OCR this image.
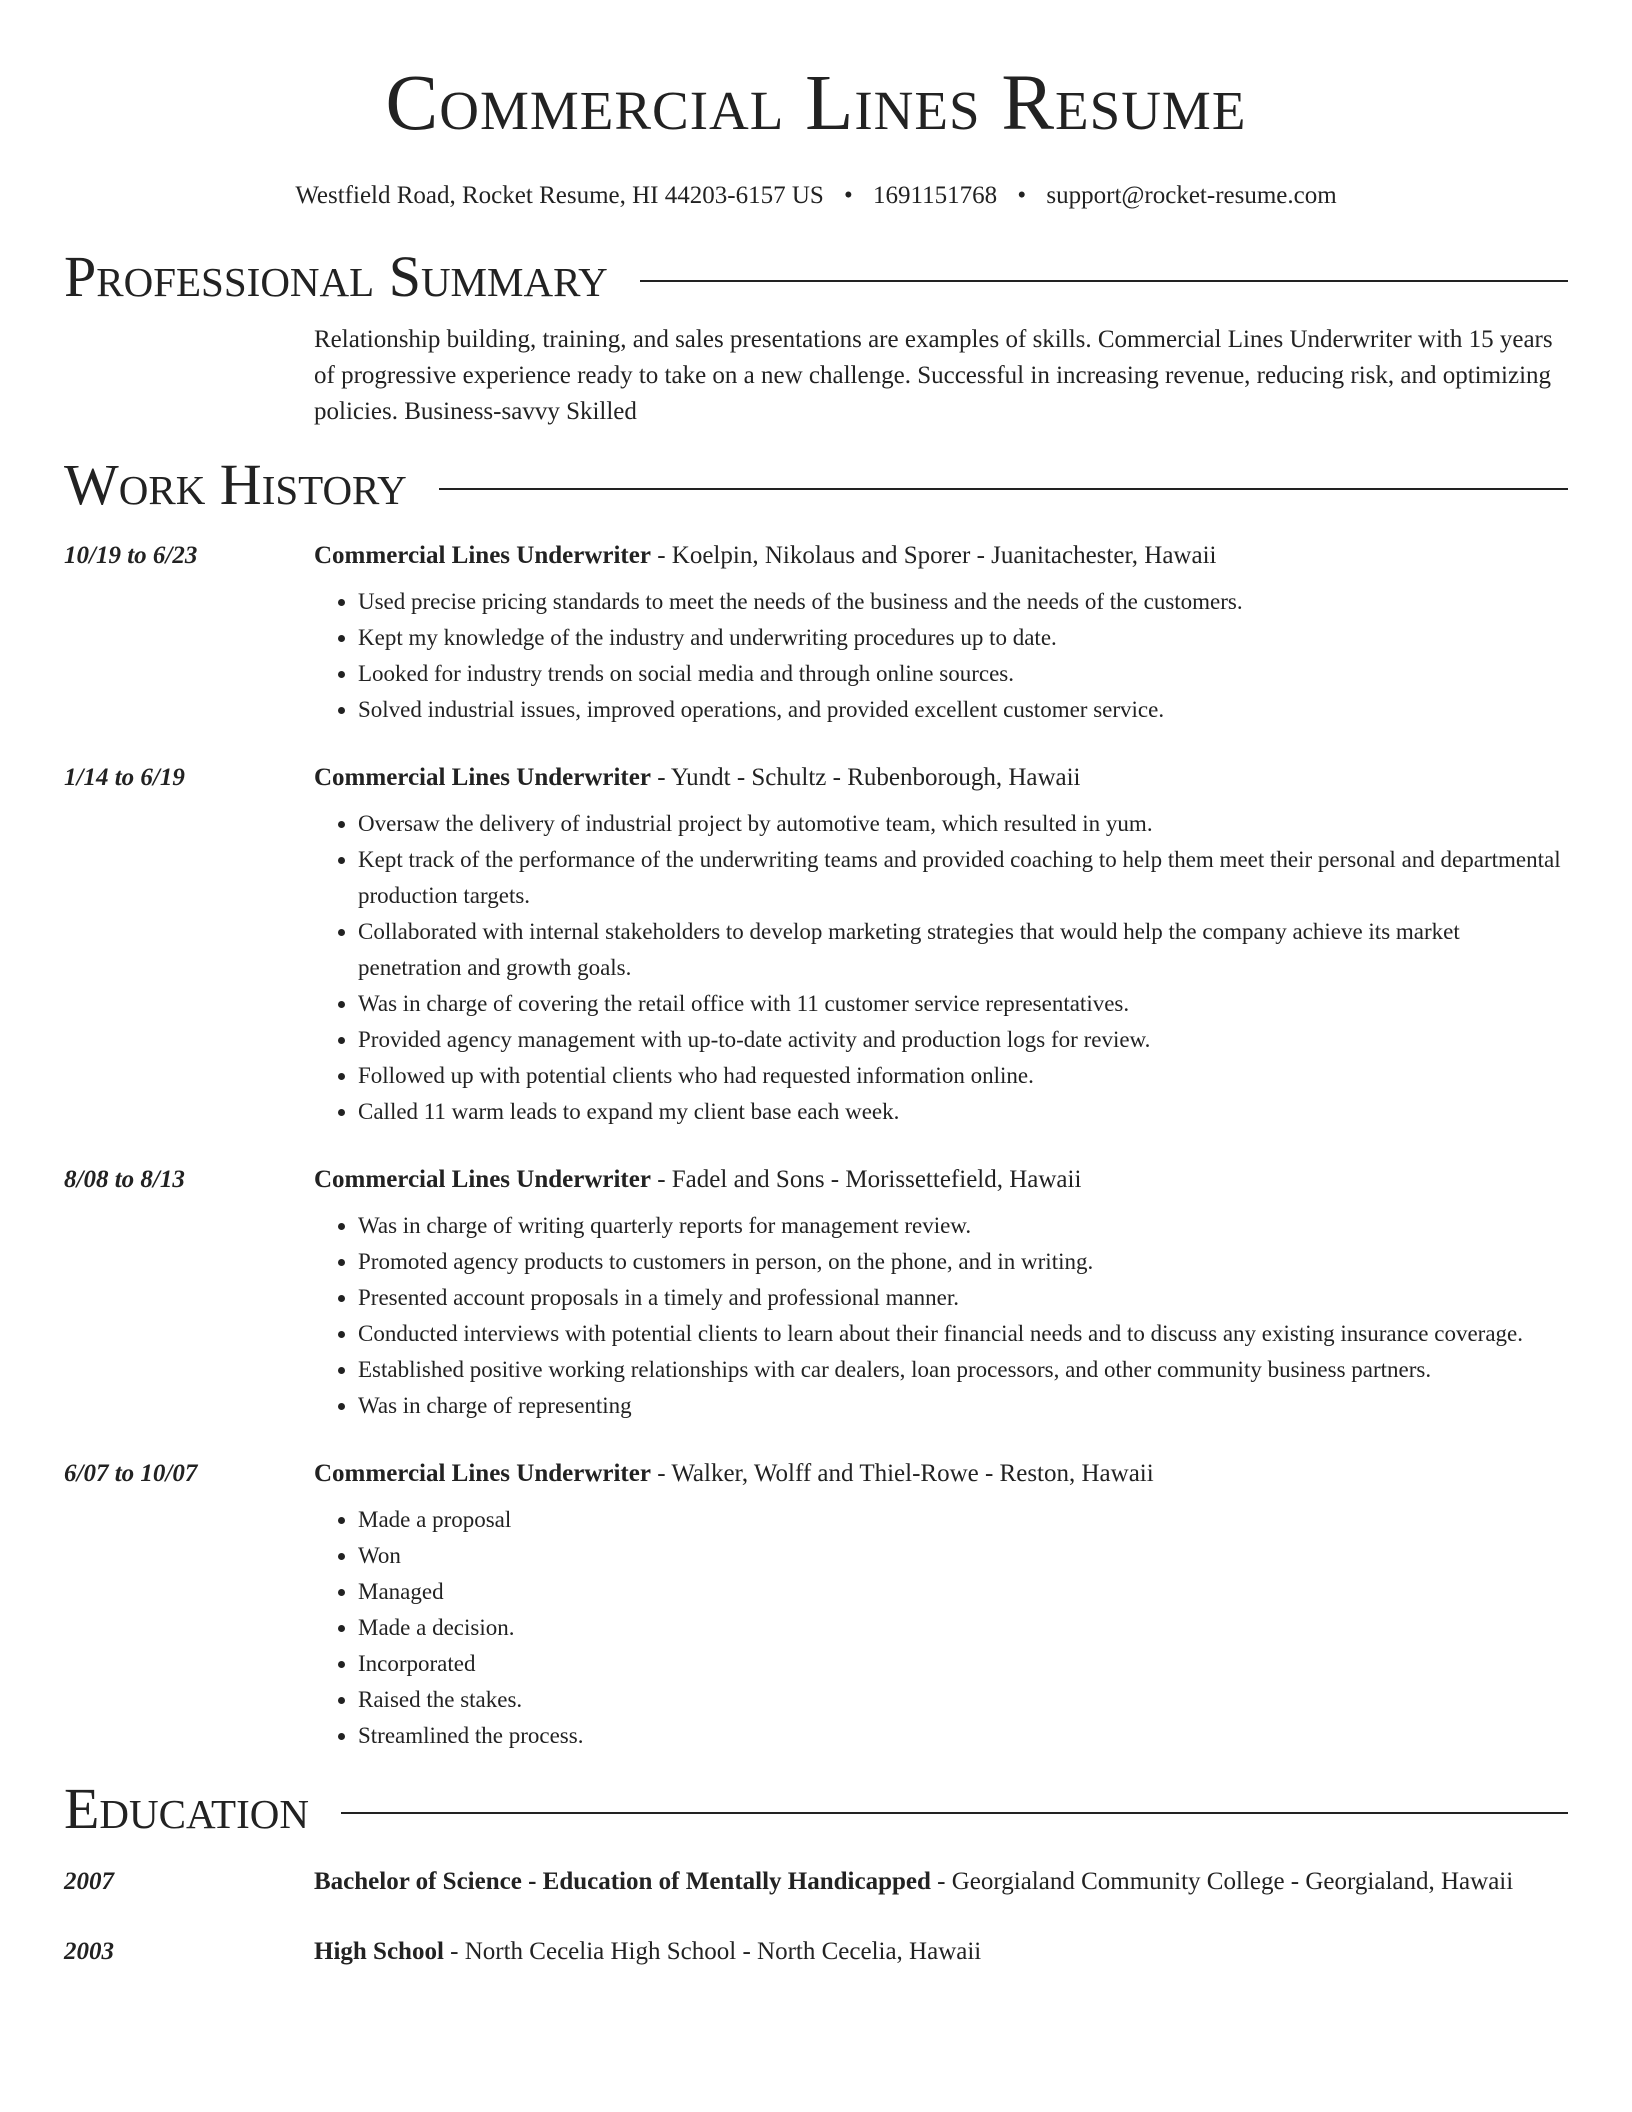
Commercial Lines Resume
Westfield Road, Rocket Resume, HI 44203-6157 US • 1691151768 • support@rocket-resume.com
Professional Summary
Relationship building, training, and sales presentations are examples of skills. Commercial Lines Underwriter with 15 years of progressive experience ready to take on a new challenge. Successful in increasing revenue, reducing risk, and optimizing policies. Business-savvy Skilled
Work History
10/19 to 6/23	Commercial Lines Underwriter - Koelpin, Nikolaus and Sporer - Juanitachester, Hawaii
• Used precise pricing standards to meet the needs of the business and the needs of the customers.
• Kept my knowledge of the industry and underwriting procedures up to date.
• Looked for industry trends on social media and through online sources.
• Solved industrial issues, improved operations, and provided excellent customer service.
1/14 to 6/19	Commercial Lines Underwriter - Yundt - Schultz - Rubenborough, Hawaii
• Oversaw the delivery of industrial project by automotive team, which resulted in yum.
• Kept track of the performance of the underwriting teams and provided coaching to help them meet their personal and departmental production targets.
• Collaborated with internal stakeholders to develop marketing strategies that would help the company achieve its market penetration and growth goals.
• Was in charge of covering the retail office with 11 customer service representatives.
• Provided agency management with up-to-date activity and production logs for review.
• Followed up with potential clients who had requested information online.
• Called 11 warm leads to expand my client base each week.
8/08 to 8/13	Commercial Lines Underwriter - Fadel and Sons - Morissettefield, Hawaii
• Was in charge of writing quarterly reports for management review.
• Promoted agency products to customers in person, on the phone, and in writing.
• Presented account proposals in a timely and professional manner.
• Conducted interviews with potential clients to learn about their financial needs and to discuss any existing insurance coverage.
• Established positive working relationships with car dealers, loan processors, and other community business partners.
• Was in charge of representing
6/07 to 10/07	Commercial Lines Underwriter - Walker, Wolff and Thiel-Rowe - Reston, Hawaii
• Made a proposal
• Won
• Managed
• Made a decision.
• Incorporated
• Raised the stakes.
• Streamlined the process.
Education
2007	Bachelor of Science - Education of Mentally Handicapped - Georgialand Community College - Georgialand, Hawaii
2003	High School - North Cecelia High School - North Cecelia, Hawaii
